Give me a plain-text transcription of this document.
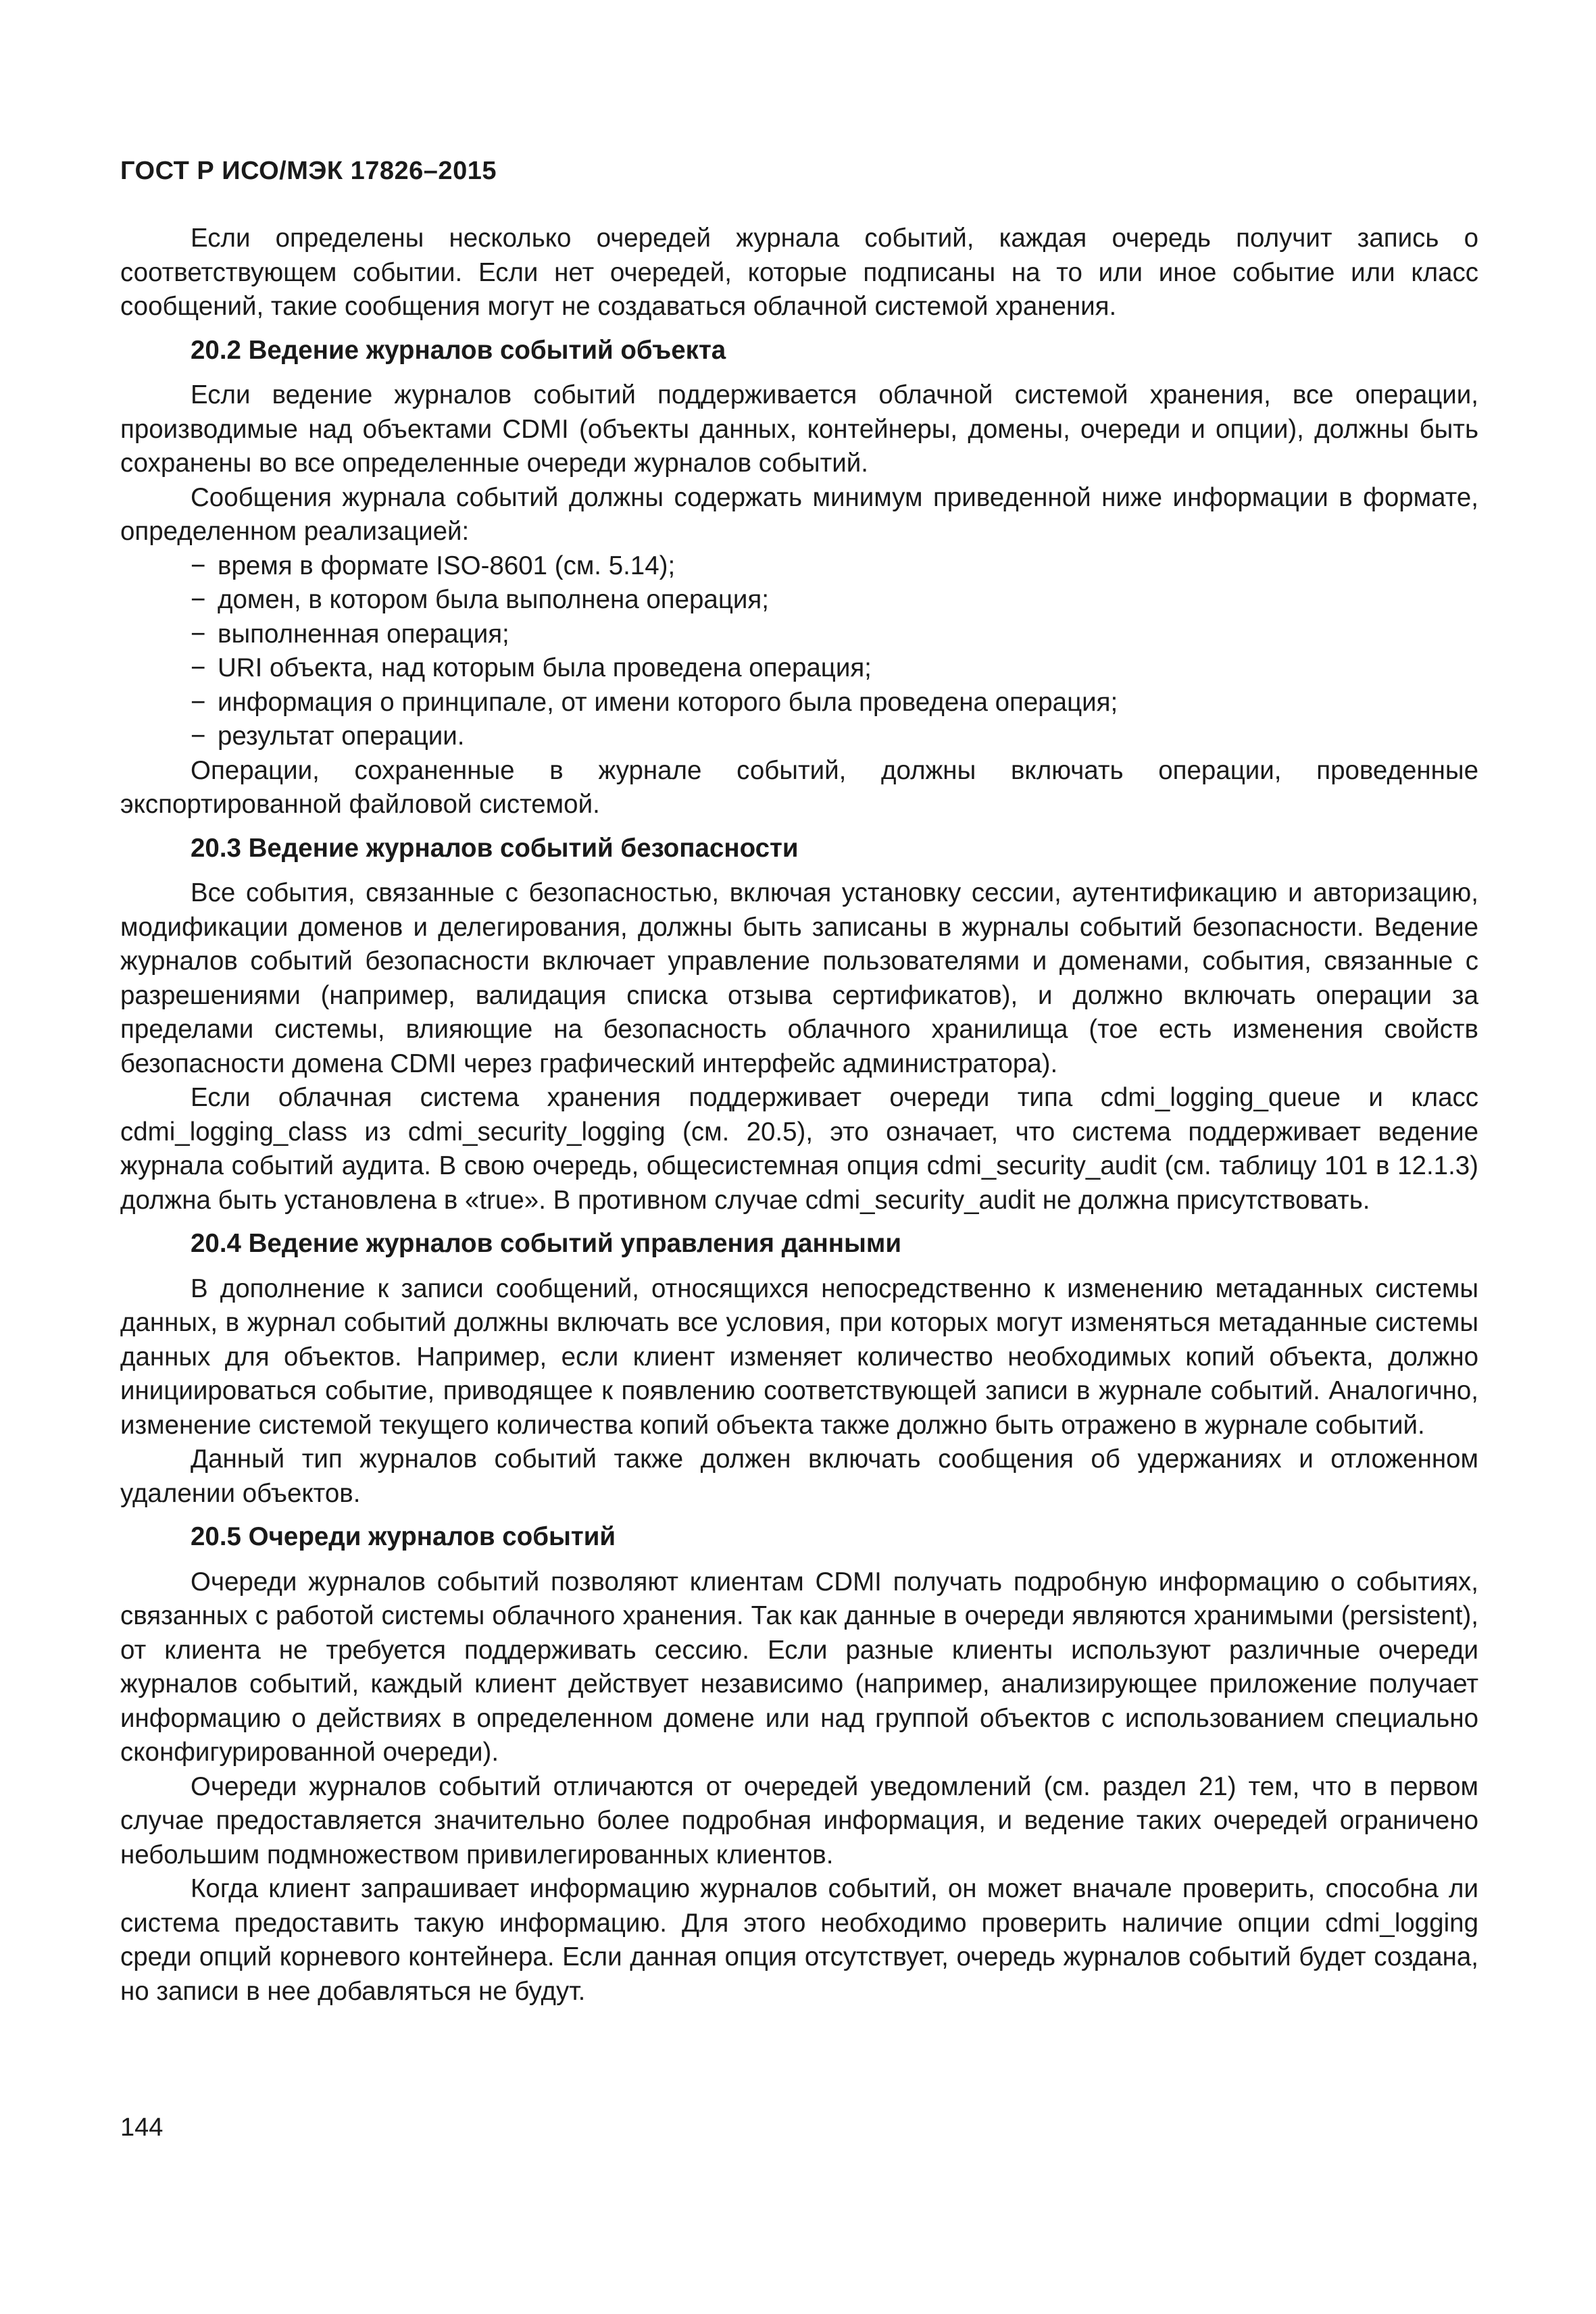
ГОСТ Р ИСО/МЭК 17826–2015

Если определены несколько очередей журнала событий, каждая очередь получит запись о соответствующем событии. Если нет очередей, которые подписаны на то или иное событие или класс сообщений, такие сообщения могут не создаваться облачной системой хранения.

20.2 Ведение журналов событий объекта

Если ведение журналов событий поддерживается облачной системой хранения, все операции, производимые над объектами CDMI (объекты данных, контейнеры, домены, очереди и опции), должны быть сохранены во все определенные очереди журналов событий.

Сообщения журнала событий должны содержать минимум приведенной ниже информации в формате, определенном реализацией:

− время в формате ISO-8601 (см. 5.14);
− домен, в котором была выполнена операция;
− выполненная операция;
− URI объекта, над которым была проведена операция;
− информация о принципале, от имени которого была проведена операция;
− результат операции.

Операции, сохраненные в журнале событий, должны включать операции, проведенные экспортированной файловой системой.

20.3 Ведение журналов событий безопасности

Все события, связанные с безопасностью, включая установку сессии, аутентификацию и авторизацию, модификации доменов и делегирования, должны быть записаны в журналы событий безопасности. Ведение журналов событий безопасности включает управление пользователями и доменами, события, связанные с разрешениями (например, валидация списка отзыва сертификатов), и должно включать операции за пределами системы, влияющие на безопасность облачного хранилища (тое есть изменения свойств безопасности домена CDMI через графический интерфейс администратора).

Если облачная система хранения поддерживает очереди типа cdmi_logging_queue и класс cdmi_logging_class из cdmi_security_logging (см. 20.5), это означает, что система поддерживает ведение журнала событий аудита. В свою очередь, общесистемная опция cdmi_security_audit (см. таблицу 101 в 12.1.3) должна быть установлена в «true». В противном случае cdmi_security_audit не должна присутствовать.

20.4 Ведение журналов событий управления данными

В дополнение к записи сообщений, относящихся непосредственно к изменению метаданных системы данных, в журнал событий должны включать все условия, при которых могут изменяться метаданные системы данных для объектов. Например, если клиент изменяет количество необходимых копий объекта, должно инициироваться событие, приводящее к появлению соответствующей записи в журнале событий. Аналогично, изменение системой текущего количества копий объекта также должно быть отражено в журнале событий.

Данный тип журналов событий также должен включать сообщения об удержаниях и отложенном удалении объектов.

20.5 Очереди журналов событий

Очереди журналов событий позволяют клиентам CDMI получать подробную информацию о событиях, связанных с работой системы облачного хранения. Так как данные в очереди являются хранимыми (persistent), от клиента не требуется поддерживать сессию. Если разные клиенты используют различные очереди журналов событий, каждый клиент действует независимо (например, анализирующее приложение получает информацию о действиях в определенном домене или над группой объектов с использованием специально сконфигурированной очереди).

Очереди журналов событий отличаются от очередей уведомлений (см. раздел 21) тем, что в первом случае предоставляется значительно более подробная информация, и ведение таких очередей ограничено небольшим подмножеством привилегированных клиентов.

Когда клиент запрашивает информацию журналов событий, он может вначале проверить, способна ли система предоставить такую информацию. Для этого необходимо проверить наличие опции cdmi_logging среди опций корневого контейнера. Если данная опция отсутствует, очередь журналов событий будет создана, но записи в нее добавляться не будут.

144
